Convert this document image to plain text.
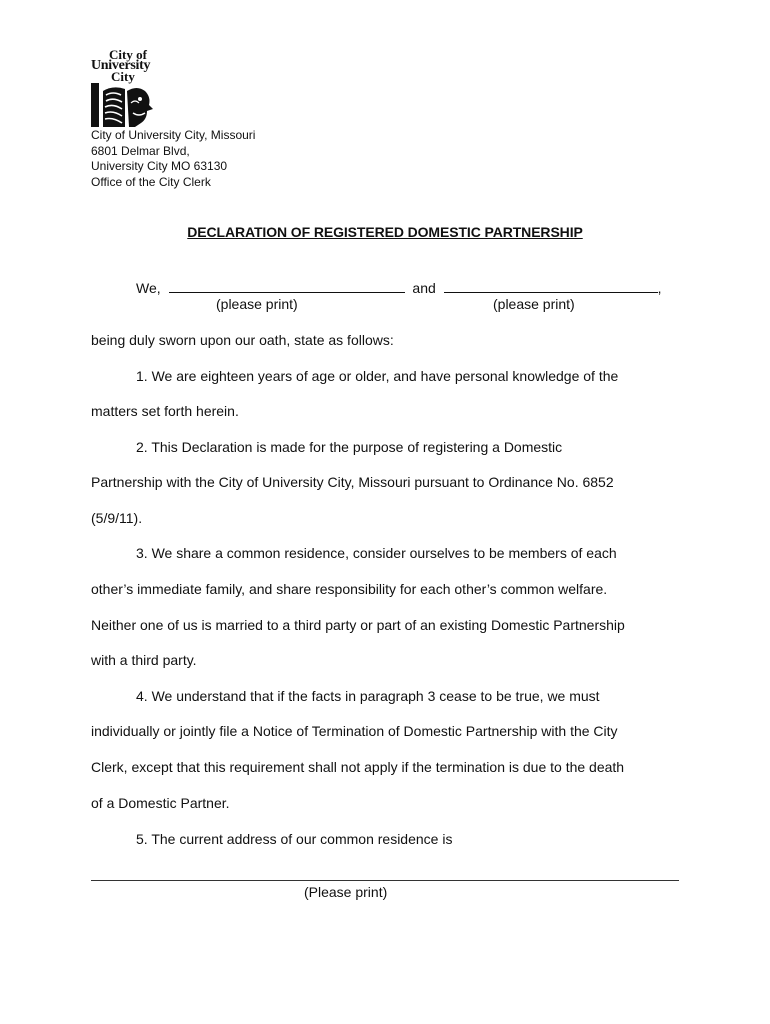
City of
University
City
City of University City, Missouri
6801 Delmar Blvd,
University City MO 63130
Office of the City Clerk
DECLARATION OF REGISTERED DOMESTIC PARTNERSHIP
We,	and	,
(please print)	(please print)
being duly sworn upon our oath, state as follows:
1. We are eighteen years of age or older, and have personal knowledge of the
matters set forth herein.
2. This Declaration is made for the purpose of registering a Domestic
Partnership with the City of University City, Missouri pursuant to Ordinance No. 6852
(5/9/11).
3. We share a common residence, consider ourselves to be members of each
other’s immediate family, and share responsibility for each other’s common welfare.
Neither one of us is married to a third party or part of an existing Domestic Partnership
with a third party.
4. We understand that if the facts in paragraph 3 cease to be true, we must
individually or jointly file a Notice of Termination of Domestic Partnership with the City
Clerk, except that this requirement shall not apply if the termination is due to the death
of a Domestic Partner.
5. The current address of our common residence is
(Please print)
